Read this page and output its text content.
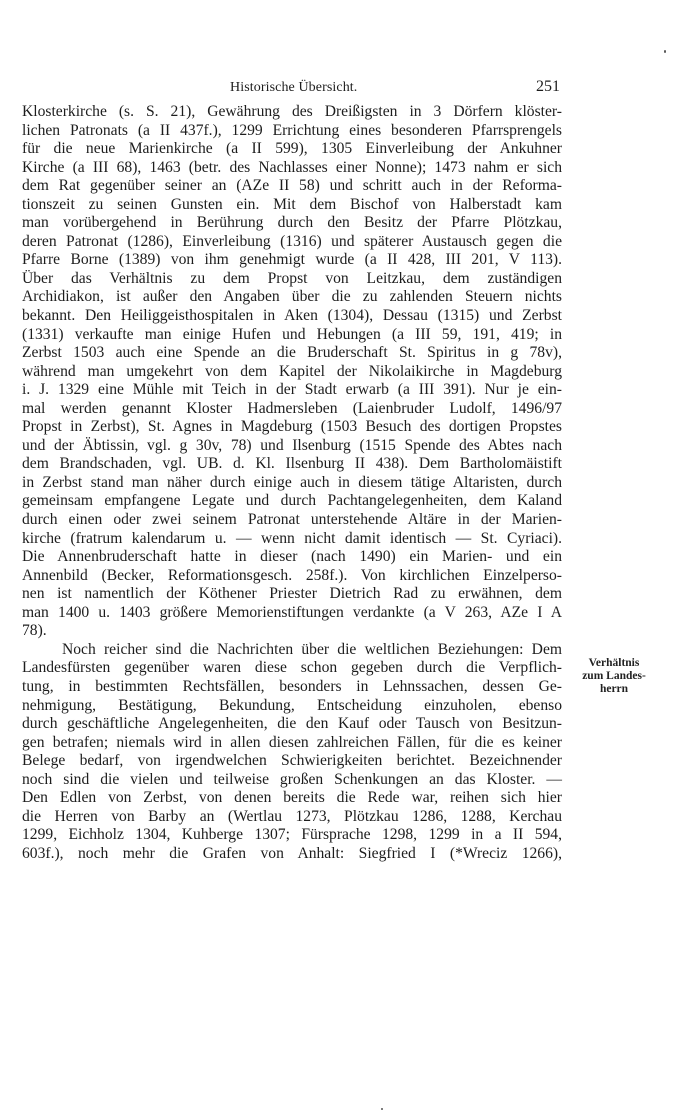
Historische Übersicht.	251
Klosterkirche (s. S. 21), Gewährung des Dreißigsten in 3 Dörfern klöster-
lichen Patronats (a II 437f.), 1299 Errichtung eines besonderen Pfarrsprengels
für die neue Marienkirche (a II 599), 1305 Einverleibung der Ankuhner
Kirche (a III 68), 1463 (betr. des Nachlasses einer Nonne); 1473 nahm er sich
dem Rat gegenüber seiner an (AZe II 58) und schritt auch in der Reforma-
tionszeit zu seinen Gunsten ein. Mit dem Bischof von Halberstadt kam
man vorübergehend in Berührung durch den Besitz der Pfarre Plötzkau,
deren Patronat (1286), Einverleibung (1316) und späterer Austausch gegen die
Pfarre Borne (1389) von ihm genehmigt wurde (a II 428, III 201, V 113).
Über das Verhältnis zu dem Propst von Leitzkau, dem zuständigen
Archidiakon, ist außer den Angaben über die zu zahlenden Steuern nichts
bekannt. Den Heiliggeisthospitalen in Aken (1304), Dessau (1315) und Zerbst
(1331) verkaufte man einige Hufen und Hebungen (a III 59, 191, 419; in
Zerbst 1503 auch eine Spende an die Bruderschaft St. Spiritus in g 78v),
während man umgekehrt von dem Kapitel der Nikolaikirche in Magdeburg
i. J. 1329 eine Mühle mit Teich in der Stadt erwarb (a III 391). Nur je ein-
mal werden genannt Kloster Hadmersleben (Laienbruder Ludolf, 1496/97
Propst in Zerbst), St. Agnes in Magdeburg (1503 Besuch des dortigen Propstes
und der Äbtissin, vgl. g 30v, 78) und Ilsenburg (1515 Spende des Abtes nach
dem Brandschaden, vgl. UB. d. Kl. Ilsenburg II 438). Dem Bartholomäistift
in Zerbst stand man näher durch einige auch in diesem tätige Altaristen, durch
gemeinsam empfangene Legate und durch Pachtangelegenheiten, dem Kaland
durch einen oder zwei seinem Patronat unterstehende Altäre in der Marien-
kirche (fratrum kalendarum u. — wenn nicht damit identisch — St. Cyriaci).
Die Annenbruderschaft hatte in dieser (nach 1490) ein Marien- und ein
Annenbild (Becker, Reformationsgesch. 258f.). Von kirchlichen Einzelperso-
nen ist namentlich der Köthener Priester Dietrich Rad zu erwähnen, dem
man 1400 u. 1403 größere Memorienstiftungen verdankte (a V 263, AZe I A
78).
Noch reicher sind die Nachrichten über die weltlichen Beziehungen: Dem
Landesfürsten gegenüber waren diese schon gegeben durch die Verpflich-
tung, in bestimmten Rechtsfällen, besonders in Lehnssachen, dessen Ge-
nehmigung, Bestätigung, Bekundung, Entscheidung einzuholen, ebenso
durch geschäftliche Angelegenheiten, die den Kauf oder Tausch von Besitzun-
gen betrafen; niemals wird in allen diesen zahlreichen Fällen, für die es keiner
Belege bedarf, von irgendwelchen Schwierigkeiten berichtet. Bezeichnender
noch sind die vielen und teilweise großen Schenkungen an das Kloster. —
Den Edlen von Zerbst, von denen bereits die Rede war, reihen sich hier
die Herren von Barby an (Wertlau 1273, Plötzkau 1286, 1288, Kerchau
1299, Eichholz 1304, Kuhberge 1307; Fürsprache 1298, 1299 in a II 594,
603f.), noch mehr die Grafen von Anhalt: Siegfried I (*Wreciz 1266),
Verhältnis
zum Landes-
herrn
